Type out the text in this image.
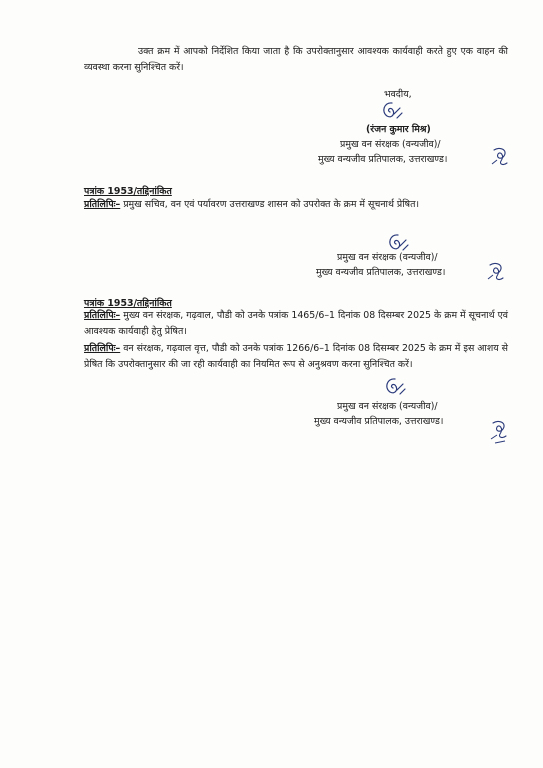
उक्त क्रम में आपको निर्देशित किया जाता है कि उपरोक्तानुसार आवश्यक कार्यवाही करते हुए एक वाहन की व्यवस्था करना सुनिश्चित करें।

भवदीय,

(रंजन कुमार मिश्र)

प्रमुख वन संरक्षक (वन्यजीव)/

मुख्य वन्यजीव प्रतिपालक, उत्तराखण्ड।

पत्रांक 1953/तद्दिनांकित

प्रतिलिपिः– प्रमुख सचिव, वन एवं पर्यावरण उत्तराखण्ड शासन को उपरोक्त के क्रम में सूचनार्थ प्रेषित।

प्रमुख वन संरक्षक (वन्यजीव)/

मुख्य वन्यजीव प्रतिपालक, उत्तराखण्ड।

पत्रांक 1953/तद्दिनांकित

प्रतिलिपिः– मुख्य वन संरक्षक, गढ़वाल, पौडी को उनके पत्रांक 1465/6–1 दिनांक 08 दिसम्बर 2025 के क्रम में सूचनार्थ एवं आवश्यक कार्यवाही हेतु प्रेषित।

प्रतिलिपिः– वन संरक्षक, गढ़वाल वृत्त, पौडी को उनके पत्रांक 1266/6–1 दिनांक 08 दिसम्बर 2025 के क्रम में इस आशय से प्रेषित कि उपरोक्तानुसार की जा रही कार्यवाही का नियमित रूप से अनुश्रवण करना सुनिश्चित करें।

प्रमुख वन संरक्षक (वन्यजीव)/

मुख्य वन्यजीव प्रतिपालक, उत्तराखण्ड।
